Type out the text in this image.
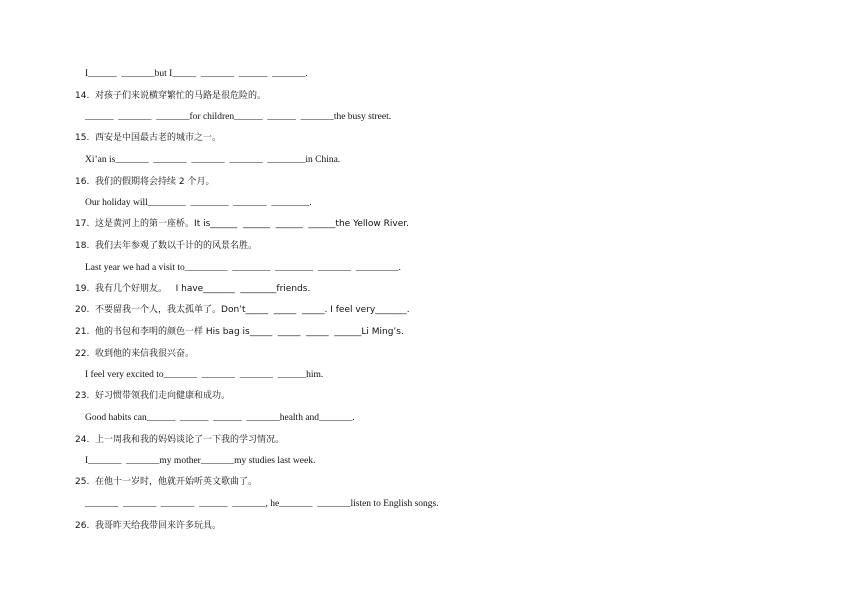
I______  _______but I_____  _______  ______  _______.
14.  对孩子们来说横穿繁忙的马路是很危险的。
______  _______  _______for children______  ______  _______the busy street.
15.  西安是中国最古老的城市之一。
Xi’an is_______  _______  _______  _______  ________in China.
16.  我们的假期将会持续 2 个月。
Our holiday will________  ________  _______  ________.
17.  这是黄河上的第一座桥。It is______  ______  ______  ______the Yellow River.
18.  我们去年参观了数以千计的的风景名胜。
Last year we had a visit to_________  ________  ________  _______  _________.
19.  我有几个好朋友。   I have_______  ________friends.
20.  不要留我一个人，我太孤单了。Don’t_____  _____  _____. I feel very_______.
21.  他的书包和李明的颜色一样 His bag is_____  _____  _____  ______Li Ming’s.
22.  收到他的来信我很兴奋。
I feel very excited to_______  _______  _______  ______him.
23.  好习惯带领我们走向健康和成功。
Good habits can______  ______  ______  _______health and_______.
24.  上一周我和我的妈妈谈论了一下我的学习情况。
I_______  _______my mother_______my studies last week.
25.  在他十一岁时，他就开始听英文歌曲了。
_______  _______  _______  ______  _______, he_______  _______listen to English songs.
26.  我哥昨天给我带回来许多玩具。
